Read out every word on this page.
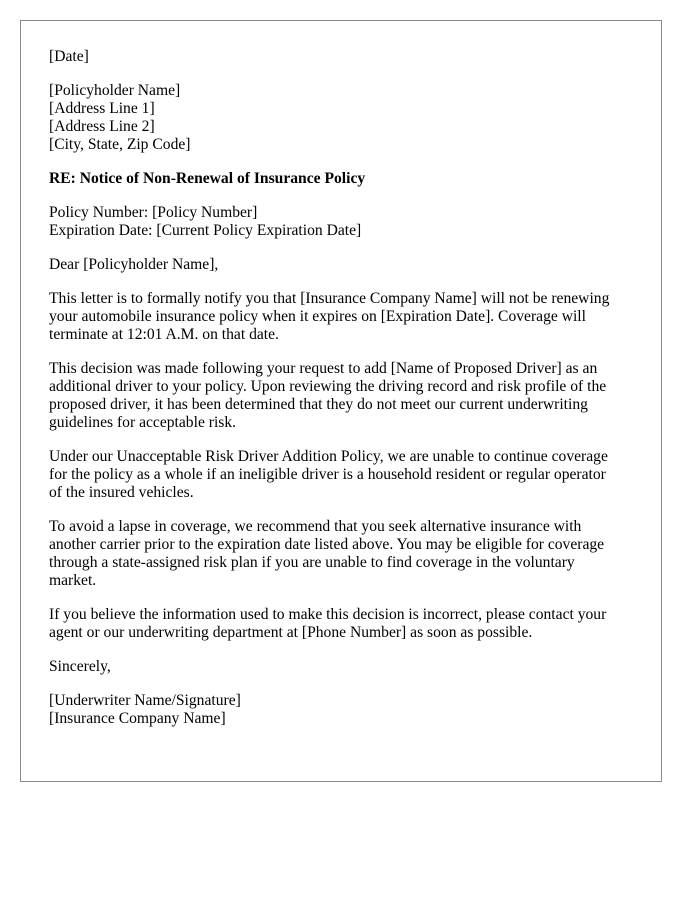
[Date]
[Policyholder Name]
[Address Line 1]
[Address Line 2]
[City, State, Zip Code]
RE: Notice of Non-Renewal of Insurance Policy
Policy Number: [Policy Number]
Expiration Date: [Current Policy Expiration Date]
Dear [Policyholder Name],
This letter is to formally notify you that [Insurance Company Name] will not be renewing
your automobile insurance policy when it expires on [Expiration Date]. Coverage will
terminate at 12:01 A.M. on that date.
This decision was made following your request to add [Name of Proposed Driver] as an
additional driver to your policy. Upon reviewing the driving record and risk profile of the
proposed driver, it has been determined that they do not meet our current underwriting
guidelines for acceptable risk.
Under our Unacceptable Risk Driver Addition Policy, we are unable to continue coverage
for the policy as a whole if an ineligible driver is a household resident or regular operator
of the insured vehicles.
To avoid a lapse in coverage, we recommend that you seek alternative insurance with
another carrier prior to the expiration date listed above. You may be eligible for coverage
through a state-assigned risk plan if you are unable to find coverage in the voluntary
market.
If you believe the information used to make this decision is incorrect, please contact your
agent or our underwriting department at [Phone Number] as soon as possible.
Sincerely,
[Underwriter Name/Signature]
[Insurance Company Name]
